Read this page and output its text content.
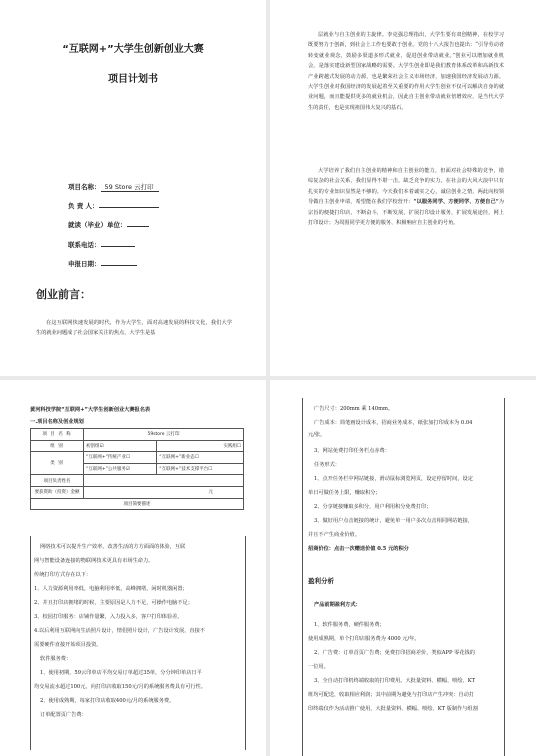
“互联网+”大学生创新创业大赛
项目计划书
项目名称： 59 Store 云打印
负 责 人：
就读（毕业）单位：
联系电话：
申报日期：
创业前言：
在这互联网快速发展的时代，作为大学生，面对高速发展的科技文化，我们大学生的就业问题成了社会国家关注的焦点，大学生是基
层就业与自主创业的主旋律。李克强总理指出，大学生要有双创精神，在校学习既要努力于创新，到社会上工作也要敢于创业。党的十八大报告也提出：“引导劳动者转变就业观念，鼓励多渠道多形式就业，促进创业带动就业。”创业可以增加就业机会，是落实建设新型国家战略的需要。大学生创业即是我们教育体系改革和高新技术产业跨越式发展的动力源，也是繁荣社会主义市场经济，加速我国经济发展动力源。大学生创业对我国经济的发展起着至关重要的作用大学生创业不仅可以解决自身的就业问题，而且能提供更多的就业机会，因此自主创业带动就业倍增效应，是当代大学生的责任，也是实现祖国伟大复兴的基石。
大学培养了我们自主创业的精神和自主创业的能力，但面对社会特殊的竞争，错综复杂的社会关系，我们显得不堪一击，缺乏竞争的实力。在社会的大风大浪中只有扎实的专业知识显然是不够的。今天我们本着诚实之心，诚信创业之情，两此向校领导做自主创业申请，希望能在我们学校营开：“以服务同学、方便同学、方便自己”为宗旨的便捷打印店，不断奋斗，不断发展，扩展打印设计服务，扩展发展途径，网上打印设计；为周围同学更方便的服务、积极响应自主创业的号角。
黄河科技学院“互联网+”大学生创新创业大赛报名表
一.项目名称及创业规划
项 目 名 称	59store 云打印	
组 别	初创组☑	实践组☐
类 别	“互联网+”传统产业☐	“互联网+”新业态☐
	“互联网+”公共服务☑	“互联网+”技术支撑平台☐
项目负责姓名		
要获资助（投资）金额	元	
项目简要描述		
网络技术可以提升生产效率，改善生活的方方面面的体验，互联
网与智能设备连接的物联网技术更具有市场生命力。
传统打印方式存在以下：
1、人力资源利用率低，电脑利用率低，高峰拥堵，闲时机器闲置；
2、并且打印店拥堵的时候，主要原因是人力不足，可操作电脑不足；
3、校园打印服务：店铺作量繁，入力投入多，客户打印体验差。
4.以后利用互联网向生活照片设计，情侣照片设计，广告设计发展，直接不
需要硬件直接开始项目投资。
软件服务费：
1、使用初期，59云印单店平均交易订单超过35单，分分钟印单店日平
均交易流水超过100元，向打印店收取150元/月的系统服务费具有可行性。
2、使用成熟期，每家打印店收取400元/月的系统服务费。
订单配置页广告费：
广告尺寸：200mm 乘 140mm。
广告成本：简笔画设计成本，招商业务成本，纸张加打印成本为 0.04
元/张。
3、网站免费打印任务栏点赤费：
任务形式：
1、点开任务栏中网站链接，滑动鼠标浏览网页，设定停留时间，设定
单日可做任务上限，赚取积分；
2、分享链接赚取多积分，用户利用积分免费打印；
3、做好用户点击链接的统计，避免单一用户多次点击相同网站链接，
并且不产生商业价值。
招商价位：点击一次赠送价值 0.5 元的积分
盈利分析
产品前期盈利方式：
1、软件服务费，硬件服务费；
使用成熟期，单个打印店服务费为 4000 元/年。
2、广告费：订单首页广告费；免费打印招商差价，类似APP 零花钱的
一位用。
3、全自动打印机终端收取的打印费用。大批量资料、横幅、喷绘、KT
班均可配送，收取相应利润；其中前期为避免与打印店产生冲突：自动打
印终端仅作为活动推广使用，大批量资料、横幅、喷绘、KT 版制作与组割
